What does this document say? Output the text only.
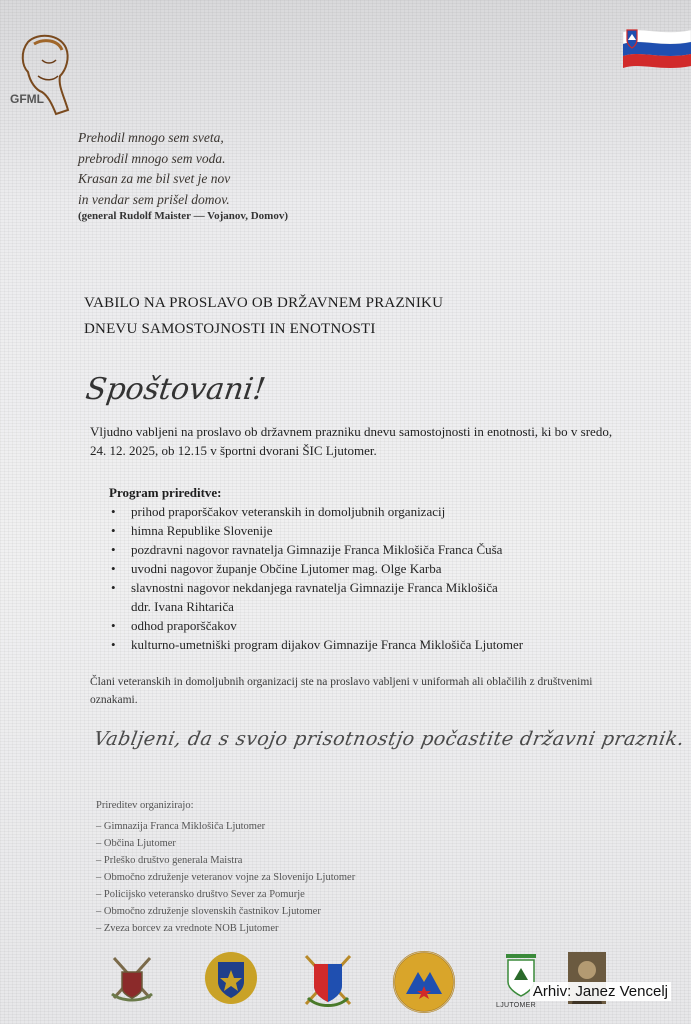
GFML
Prehodil mnogo sem sveta,
prebrodil mnogo sem voda.
Krasan za me bil svet je nov
in vendar sem prišel domov.
(general Rudolf Maister — Vojanov, Domov)
VABILO NA PROSLAVO OB DRŽAVNEM PRAZNIKU
DNEVU SAMOSTOJNOSTI IN ENOTNOSTI
Spoštovani!
Vljudno vabljeni na proslavo ob državnem prazniku dnevu samostojnosti in enotnosti, ki bo v sredo, 24. 12. 2025, ob 12.15 v športni dvorani ŠIC Ljutomer.
Program prireditve:
• prihod praporščakov veteranskih in domoljubnih organizacij
• himna Republike Slovenije
• pozdravni nagovor ravnatelja Gimnazije Franca Miklošiča Franca Čuša
• uvodni nagovor županje Občine Ljutomer mag. Olge Karba
• slavnostni nagovor nekdanjega ravnatelja Gimnazije Franca Miklošiča
ddr. Ivana Rihtariča
• odhod praporščakov
• kulturno-umetniški program dijakov Gimnazije Franca Miklošiča Ljutomer
Člani veteranskih in domoljubnih organizacij ste na proslavo vabljeni v uniformah ali oblačilih z društvenimi oznakami.
Vabljeni, da s svojo prisotnostjo počastite državni praznik.
Prireditev organizirajo:
– Gimnazija Franca Miklošiča Ljutomer
– Občina Ljutomer
– Prleško društvo generala Maistra
– Območno združenje veteranov vojne za Slovenijo Ljutomer
– Policijsko veteransko društvo Sever za Pomurje
– Območno združenje slovenskih častnikov Ljutomer
– Zveza borcev za vrednote NOB Ljutomer
LJUTOMER
Arhiv: Janez Vencelj
